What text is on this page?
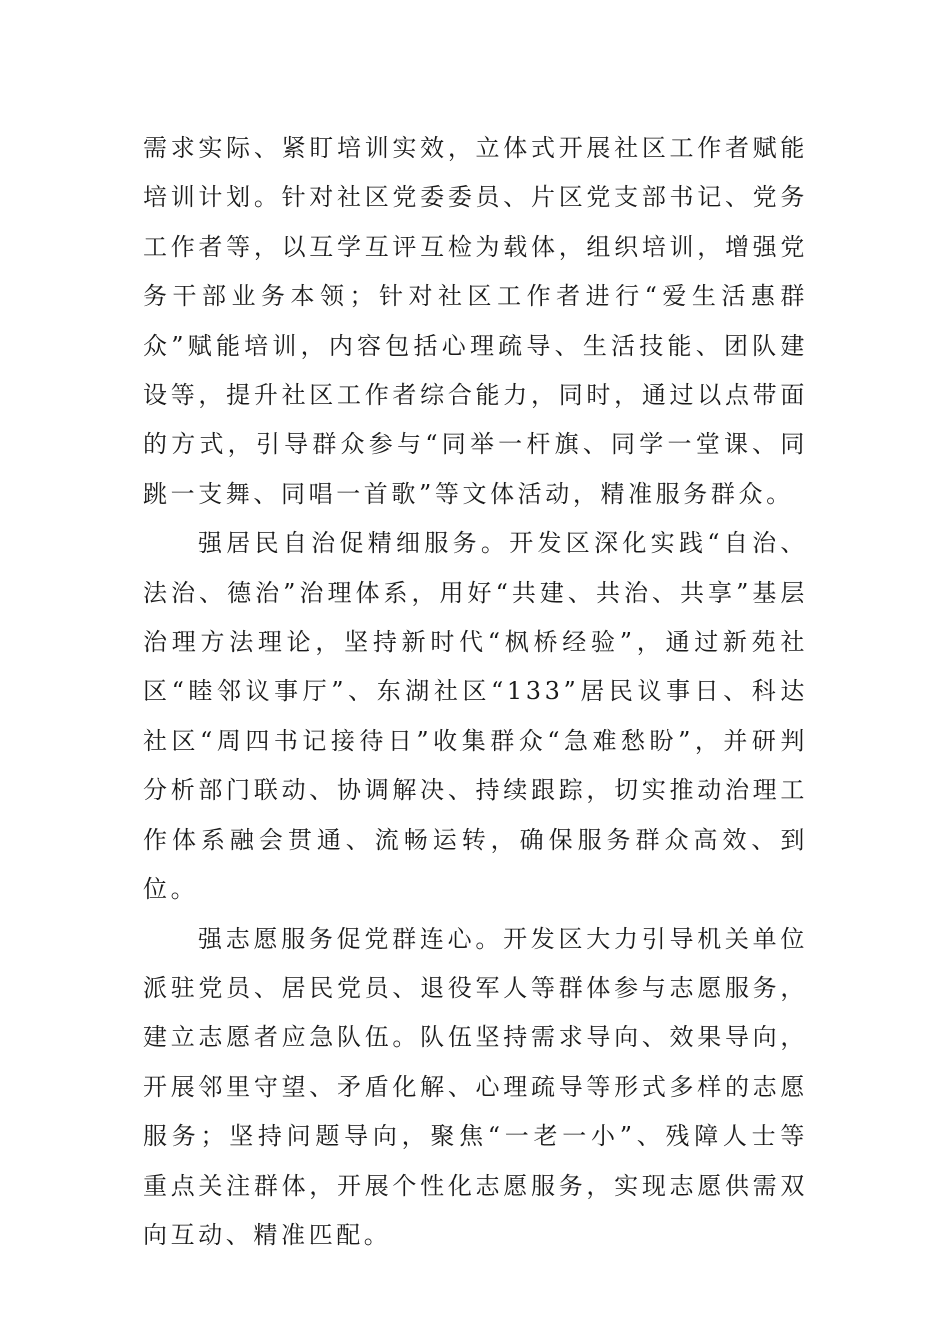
需求实际、紧盯培训实效，立体式开展社区工作者赋能培训计划。针对社区党委委员、片区党支部书记、党务工作者等，以互学互评互检为载体，组织培训，增强党务干部业务本领；针对社区工作者进行“爱生活惠群众”赋能培训，内容包括心理疏导、生活技能、团队建设等，提升社区工作者综合能力，同时，通过以点带面的方式，引导群众参与“同举一杆旗、同学一堂课、同跳一支舞、同唱一首歌”等文体活动，精准服务群众。

强居民自治促精细服务。开发区深化实践“自治、法治、德治”治理体系，用好“共建、共治、共享”基层治理方法理论，坚持新时代“枫桥经验”，通过新苑社区“睦邻议事厅”、东湖社区“133”居民议事日、科达社区“周四书记接待日”收集群众“急难愁盼”，并研判分析部门联动、协调解决、持续跟踪，切实推动治理工作体系融会贯通、流畅运转，确保服务群众高效、到位。

强志愿服务促党群连心。开发区大力引导机关单位派驻党员、居民党员、退役军人等群体参与志愿服务，建立志愿者应急队伍。队伍坚持需求导向、效果导向，开展邻里守望、矛盾化解、心理疏导等形式多样的志愿服务；坚持问题导向，聚焦“一老一小”、残障人士等重点关注群体，开展个性化志愿服务，实现志愿供需双向互动、精准匹配。
